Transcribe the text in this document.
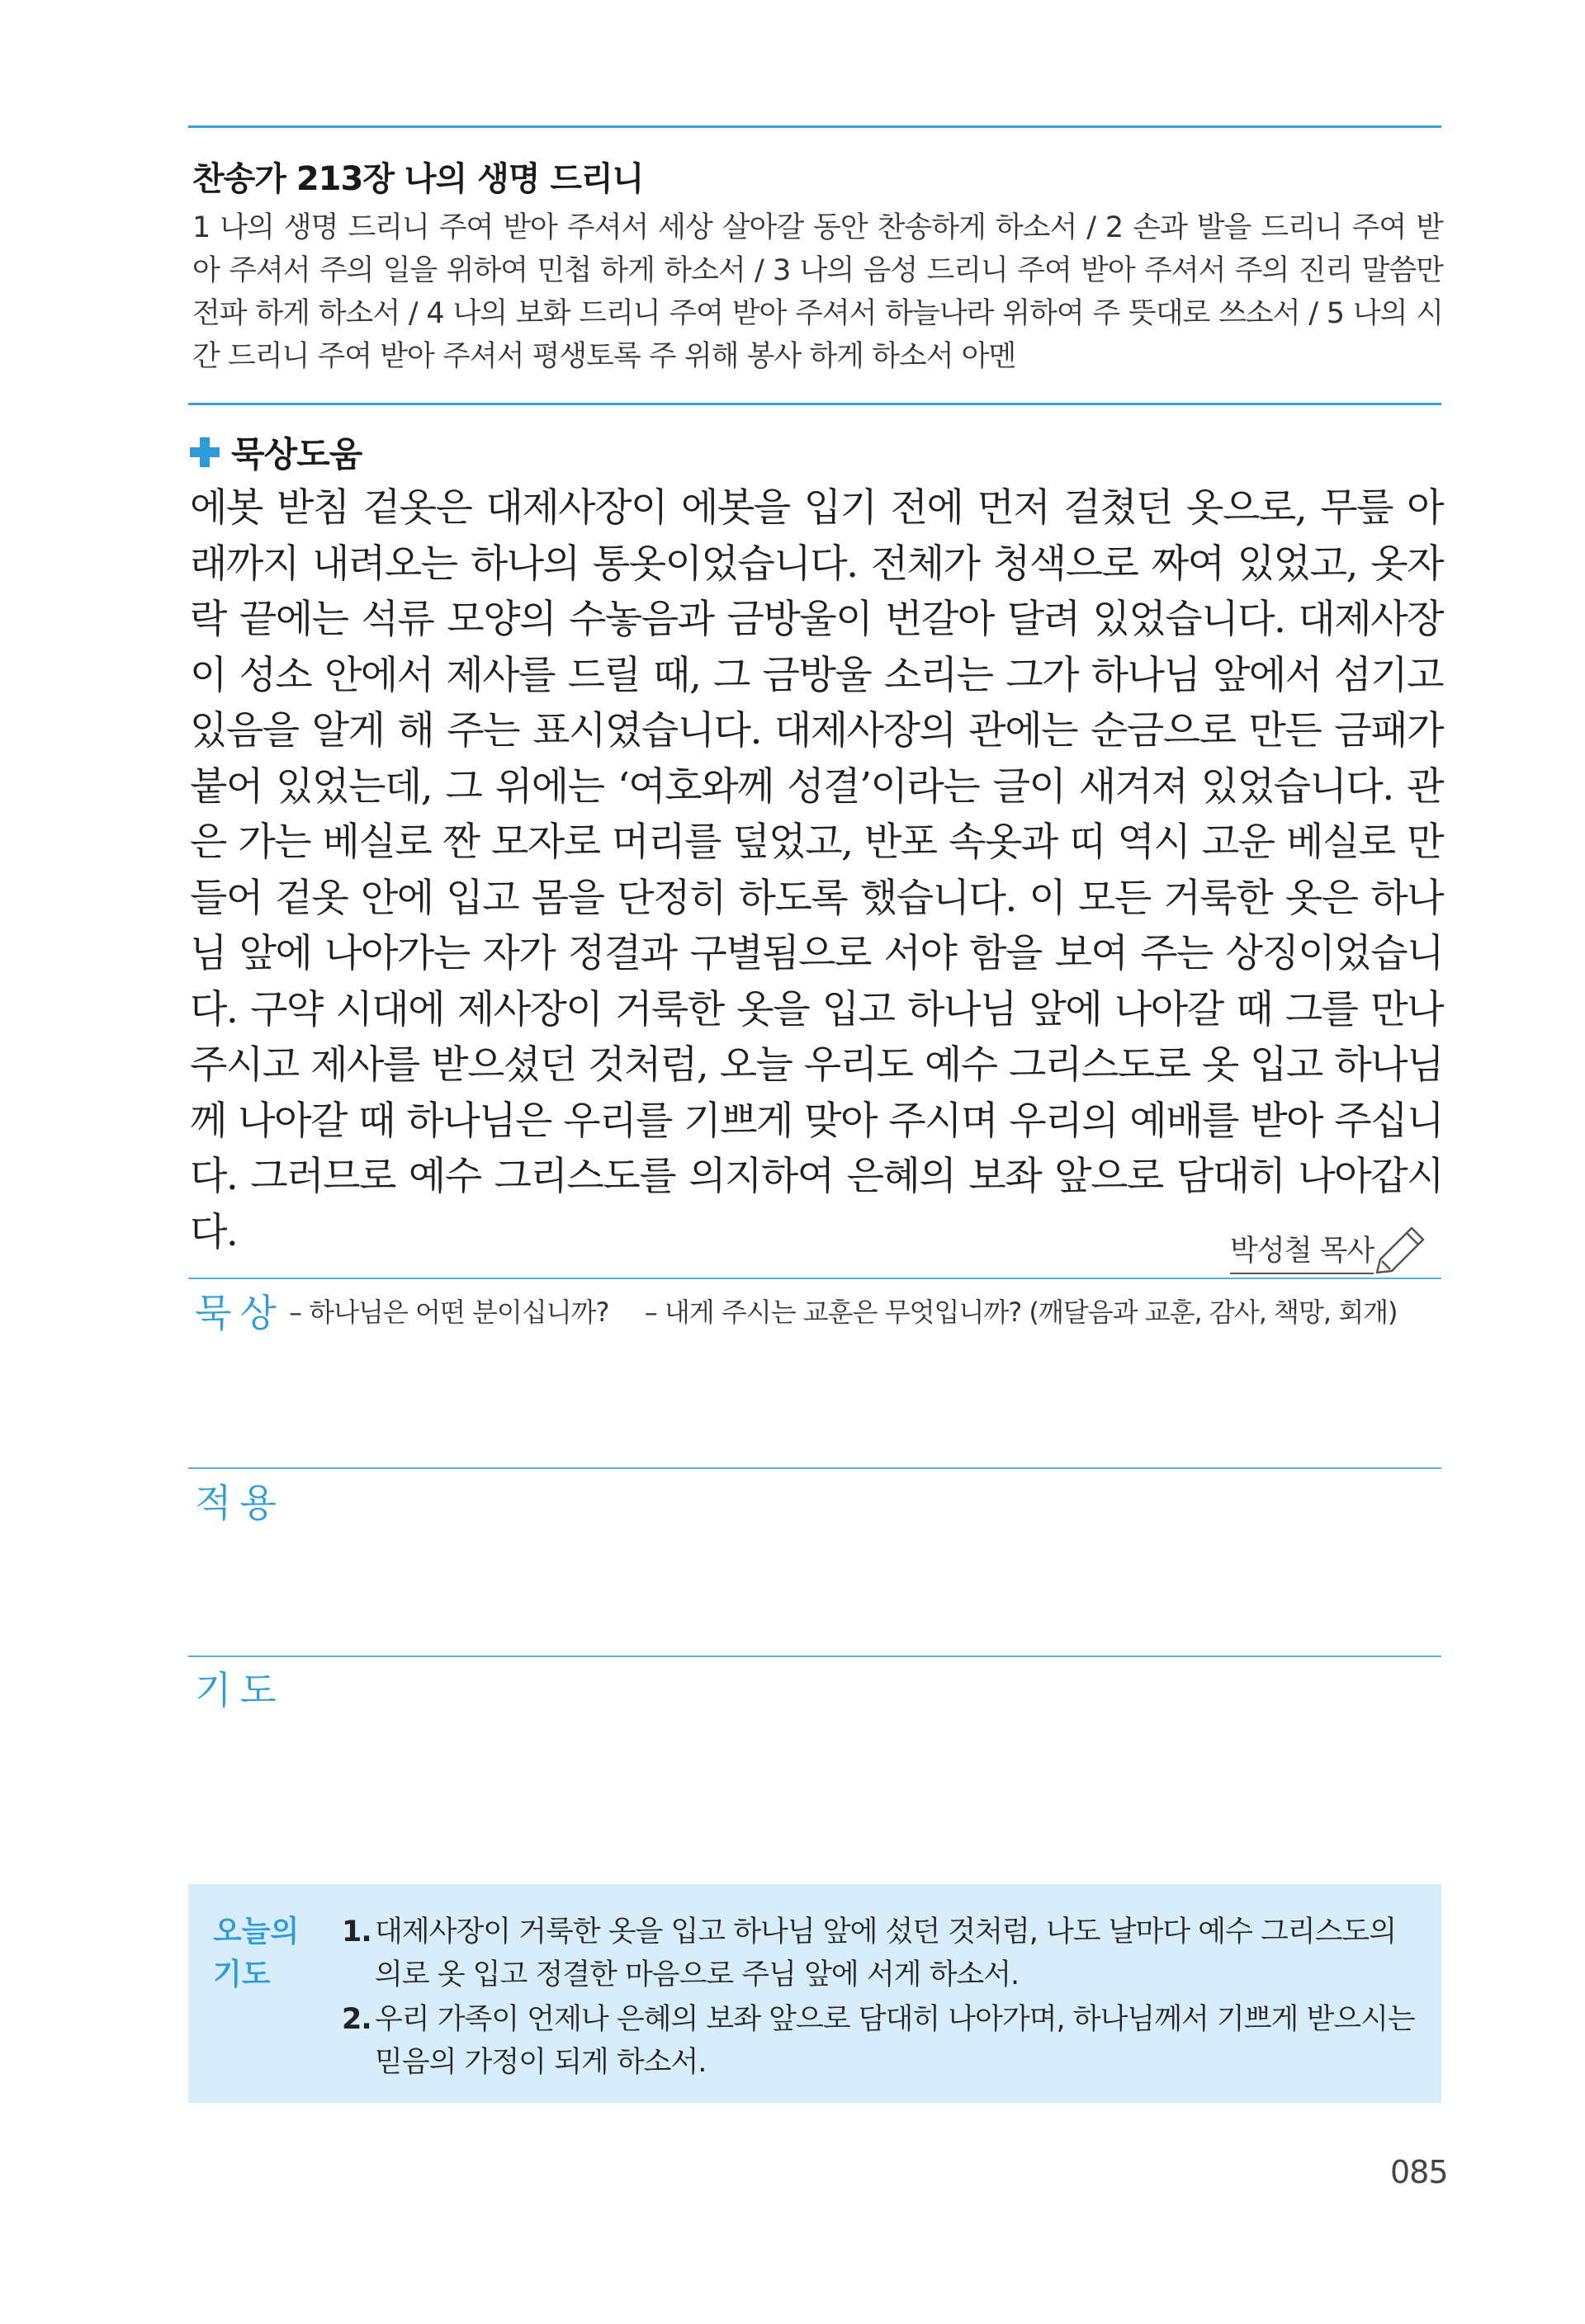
찬송가 213장 나의 생명 드리니
1 나의 생명 드리니 주여 받아 주셔서 세상 살아갈 동안 찬송하게 하소서 / 2 손과 발을 드리니 주여 받아 주셔서 주의 일을 위하여 민첩 하게 하소서 / 3 나의 음성 드리니 주여 받아 주셔서 주의 진리 말씀만 전파 하게 하소서 / 4 나의 보화 드리니 주여 받아 주셔서 하늘나라 위하여 주 뜻대로 쓰소서 / 5 나의 시간 드리니 주여 받아 주셔서 평생토록 주 위해 봉사 하게 하소서 아멘
묵상도움
에봇 받침 겉옷은 대제사장이 에봇을 입기 전에 먼저 걸쳤던 옷으로, 무릎 아래까지 내려오는 하나의 통옷이었습니다. 전체가 청색으로 짜여 있었고, 옷자락 끝에는 석류 모양의 수놓음과 금방울이 번갈아 달려 있었습니다. 대제사장이 성소 안에서 제사를 드릴 때, 그 금방울 소리는 그가 하나님 앞에서 섬기고 있음을 알게 해 주는 표시였습니다. 대제사장의 관에는 순금으로 만든 금패가 붙어 있었는데, 그 위에는 ‘여호와께 성결’이라는 글이 새겨져 있었습니다. 관은 가는 베실로 짠 모자로 머리를 덮었고, 반포 속옷과 띠 역시 고운 베실로 만들어 겉옷 안에 입고 몸을 단정히 하도록 했습니다. 이 모든 거룩한 옷은 하나님 앞에 나아가는 자가 정결과 구별됨으로 서야 함을 보여 주는 상징이었습니다. 구약 시대에 제사장이 거룩한 옷을 입고 하나님 앞에 나아갈 때 그를 만나 주시고 제사를 받으셨던 것처럼, 오늘 우리도 예수 그리스도로 옷 입고 하나님께 나아갈 때 하나님은 우리를 기쁘게 맞아 주시며 우리의 예배를 받아 주십니다. 그러므로 예수 그리스도를 의지하여 은혜의 보좌 앞으로 담대히 나아갑시다.	박성철 목사
묵상 – 하나님은 어떤 분이십니까? – 내게 주시는 교훈은 무엇입니까? (깨달음과 교훈, 감사, 책망, 회개)
적용
기도
오늘의 기도
1. 대제사장이 거룩한 옷을 입고 하나님 앞에 섰던 것처럼, 나도 날마다 예수 그리스도의 의로 옷 입고 정결한 마음으로 주님 앞에 서게 하소서.
2. 우리 가족이 언제나 은혜의 보좌 앞으로 담대히 나아가며, 하나님께서 기쁘게 받으시는 믿음의 가정이 되게 하소서.
085
